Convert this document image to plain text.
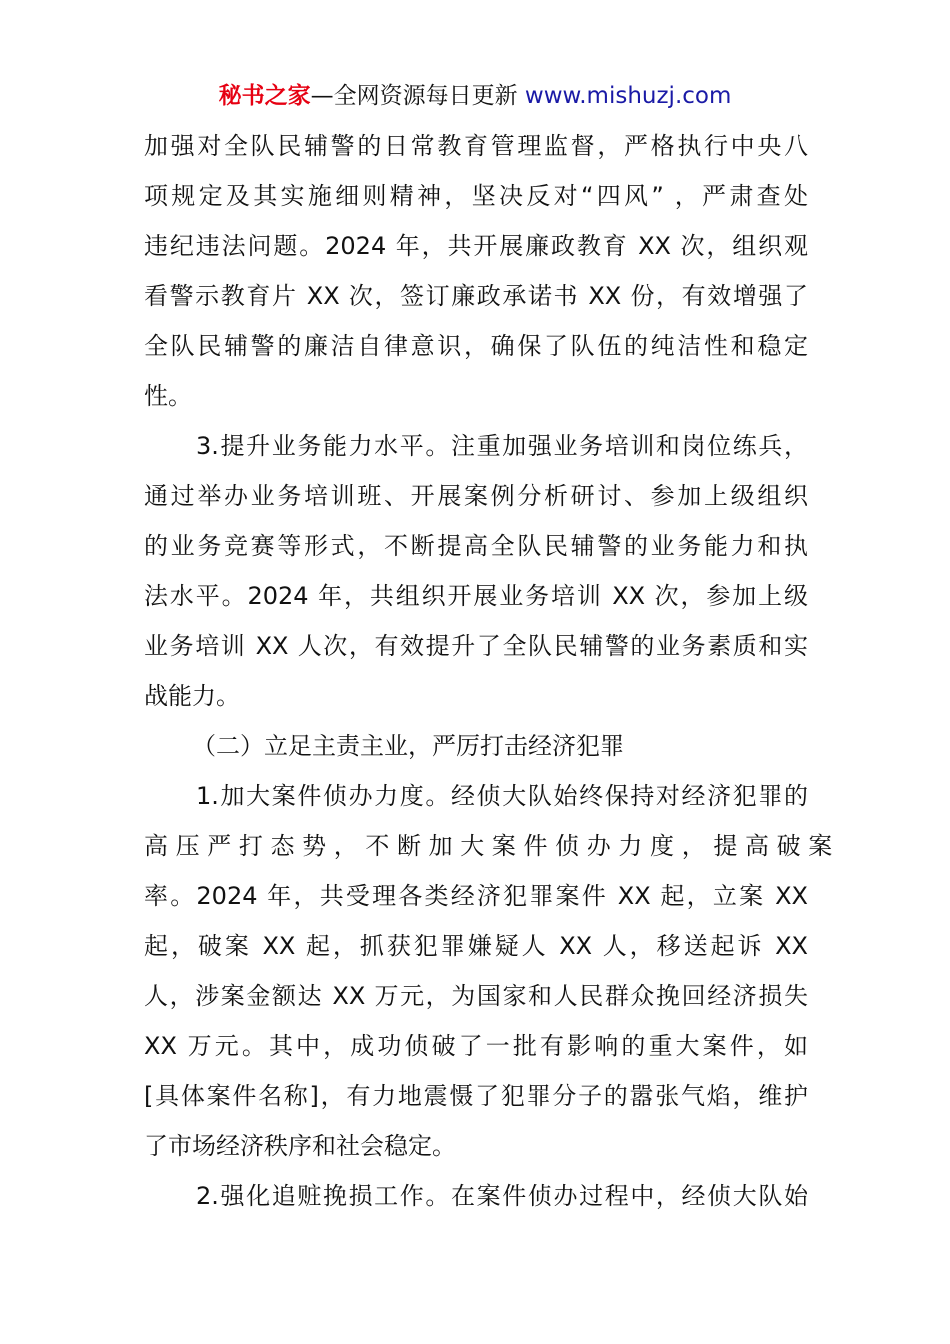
秘书之家—全网资源每日更新 www.mishuzj.com
加强对全队民辅警的日常教育管理监督，严格执行中央八
项规定及其实施细则精神，坚决反对“四风” ，严肃查处
违纪违法问题。2024 年，共开展廉政教育 XX 次，组织观
看警示教育片 XX 次，签订廉政承诺书 XX 份，有效增强了
全队民辅警的廉洁自律意识，确保了队伍的纯洁性和稳定
性。
3.提升业务能力水平。注重加强业务培训和岗位练兵，
通过举办业务培训班、开展案例分析研讨、参加上级组织
的业务竞赛等形式，不断提高全队民辅警的业务能力和执
法水平。2024 年，共组织开展业务培训 XX 次，参加上级
业务培训 XX 人次，有效提升了全队民辅警的业务素质和实
战能力。
（二）立足主责主业，严厉打击经济犯罪
1.加大案件侦办力度。经侦大队始终保持对经济犯罪的
高 压 严 打 态 势 ， 不 断 加 大 案 件 侦 办 力 度 ， 提 高 破 案
率。2024 年，共受理各类经济犯罪案件 XX 起，立案 XX
起，破案 XX 起，抓获犯罪嫌疑人 XX 人，移送起诉 XX
人，涉案金额达 XX 万元，为国家和人民群众挽回经济损失
XX 万元。其中，成功侦破了一批有影响的重大案件，如
[具体案件名称]，有力地震慑了犯罪分子的嚣张气焰，维护
了市场经济秩序和社会稳定。
2.强化追赃挽损工作。在案件侦办过程中，经侦大队始
